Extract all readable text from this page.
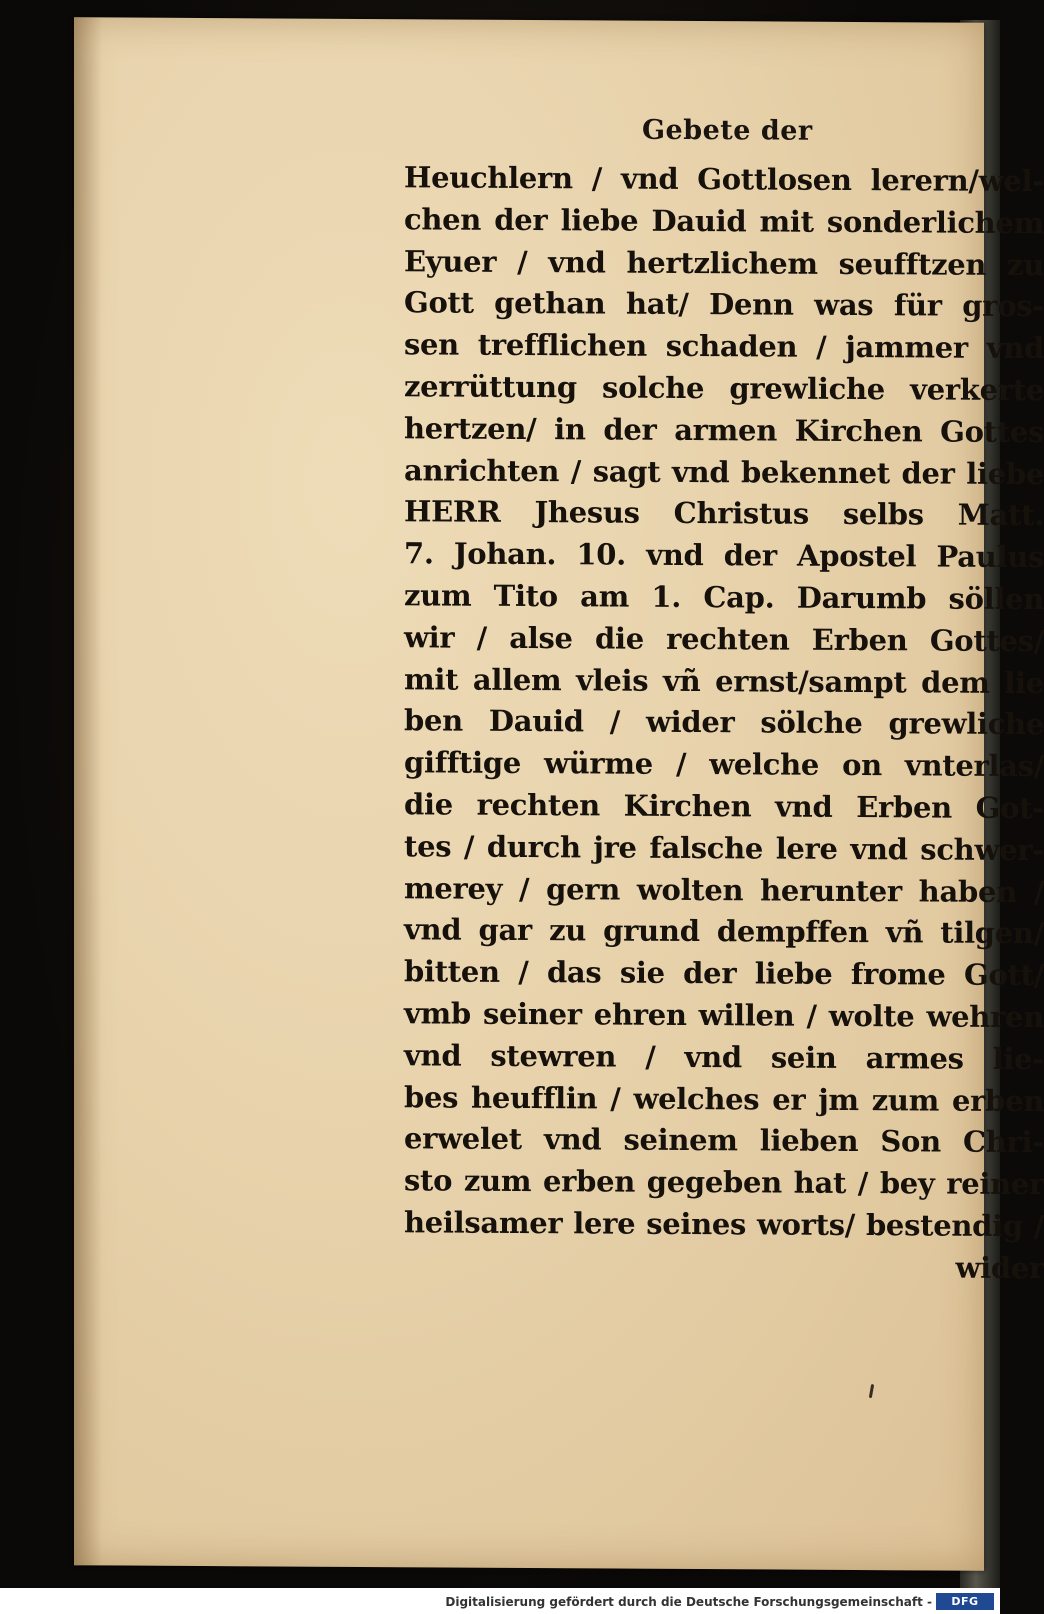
Gebete der
Heuchlern / vnd Gottlosen lerern/wel-
chen der liebe Dauid mit sonderlichem
Eyuer / vnd hertzlichem seufftzen zu
Gott gethan hat/ Denn was für gros-
sen trefflichen schaden / jammer vnd
zerrüttung solche grewliche verkerte
hertzen/ in der armen Kirchen Gottes
anrichten / sagt vnd bekennet der liebe
HERR Jhesus Christus selbs Matt.
7. Johan. 10. vnd der Apostel Paulus
zum Tito am 1. Cap. Darumb söllen
wir / alse die rechten Erben Gottes/
mit allem vleis vñ ernst/sampt dem lie
ben Dauid / wider sölche grewliche
gifftige würme / welche on vnterlas/
die rechten Kirchen vnd Erben Got-
tes / durch jre falsche lere vnd schwer-
merey / gern wolten herunter haben /
vnd gar zu grund dempffen vñ tilgen/
bitten / das sie der liebe frome Gott/
vmb seiner ehren willen / wolte wehren
vnd stewren / vnd sein armes lie-
bes heufflin / welches er jm zum erben
erwelet vnd seinem lieben Son Chri-
sto zum erben gegeben hat / bey reiner
heilsamer lere seines worts/ bestendig /
wider
Digitalisierung gefördert durch die Deutsche Forschungsgemeinschaft -	DFG
